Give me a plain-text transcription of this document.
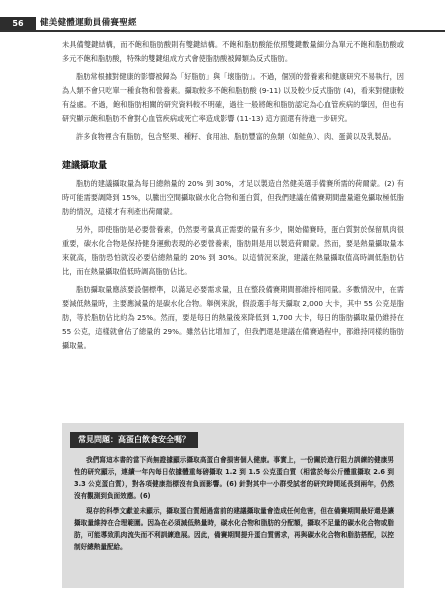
56	健美健體運動員備賽聖經

未具備雙鍵結構，而不飽和脂肪酸則有雙鍵結構。不飽和脂肪酸能依照雙鍵數量細分為單元不飽和脂肪酸或多元不飽和脂肪酸，特殊的雙鍵組成方式會使脂肪酸被歸類為反式脂肪。

脂肪常根據對健康的影響被歸為「好脂肪」與「壞脂肪」。不過，個別的營養素和健康研究不易執行，因為人類不會只吃單一種食物和營養素。攝取較多不飽和脂肪酸 (9-11) 以及較少反式脂肪 (4)，看來對健康較有益處。不過，飽和脂肪相關的研究資料較不明確，過往一般將飽和脂肪認定為心血管疾病的肇因，但也有研究顯示飽和脂肪不會對心血管疾病或死亡率造成影響 (11-13) 這方面還有待進一步研究。

許多食物裡含有脂肪，包含堅果、種籽、食用油、脂肪豐富的魚類（如鮭魚）、肉、蛋黃以及乳製品。

建議攝取量

脂肪的建議攝取量為每日總熱量的 20% 到 30%，才足以製造自然健美選手備賽所需的荷爾蒙。(2) 有時可能需要調降到 15%，以騰出空間攝取碳水化合物和蛋白質，但我們建議在備賽期間盡量避免攝取極低脂肪的情況，這樣才有利產出荷爾蒙。

另外，即使脂肪是必要營養素，仍然要考量真正需要的量有多少，開始備賽時，蛋白質對於保留肌肉很重要，碳水化合物是保持健身運動表現的必要營養素，脂肪則是用以製造荷爾蒙。然而，要是熱量攝取量本來就高，脂肪恐怕就沒必要佔總熱量的 20% 到 30%。以這情況來說，建議在熱量攝取值高時調低脂肪佔比，而在熱量攝取值低時調高脂肪佔比。

脂肪攝取量應該要設個標準，以滿足必要需求量，且在整段備賽期間都維持相同量。多數情況中，在需要減低熱量時，主要應減量的是碳水化合物。舉例來說，假設選手每天攝取 2,000 大卡，其中 55 公克是脂肪，等於脂肪佔比約為 25%。然而，要是每日的熱量後來降低到 1,700 大卡，每日的脂肪攝取量仍維持在 55 公克，這樣就會佔了總量的 29%。雖然佔比增加了，但我們還是建議在備賽過程中，都維持同樣的脂肪攝取量。

常見問題：高蛋白飲食安全嗎？

我們寫這本書的當下尚無證據顯示攝取高蛋白會損害個人健康。事實上，一份關於進行阻力訓練的健康男性的研究顯示，連續一年內每日依據體重每磅攝取 1.2 到 1.5 公克蛋白質（相當於每公斤體重攝取 2.6 到 3.3 公克蛋白質），對各項健康指標沒有負面影響。(6) 針對其中一小群受試者的研究時間延長到兩年，仍然沒有觀測到負面效應。(6)

現存的科學文獻並未顯示，攝取蛋白質超過當前的建議攝取量會造成任何危害，但在備賽期間最好還是讓攝取量維持在合理範圍。因為在必須減低熱量時，碳水化合物和脂肪的分配額，攝取不足量的碳水化合物或脂肪，可能導致肌肉流失而不利訓練進展。因此，備賽期間提升蛋白質需求，再與碳水化合物和脂肪搭配，以控制好總熱量配給。
